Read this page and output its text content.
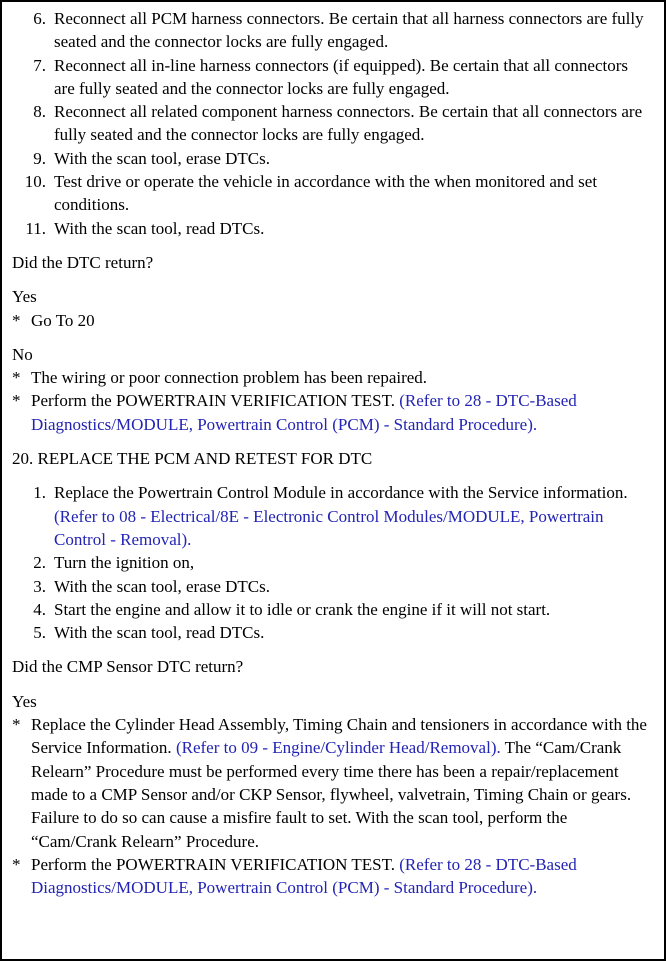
6. Reconnect all PCM harness connectors. Be certain that all harness connectors are fully seated and the connector locks are fully engaged.
7. Reconnect all in-line harness connectors (if equipped). Be certain that all connectors are fully seated and the connector locks are fully engaged.
8. Reconnect all related component harness connectors. Be certain that all connectors are fully seated and the connector locks are fully engaged.
9. With the scan tool, erase DTCs.
10. Test drive or operate the vehicle in accordance with the when monitored and set conditions.
11. With the scan tool, read DTCs.
Did the DTC return?
Yes
* Go To 20
No
* The wiring or poor connection problem has been repaired.
* Perform the POWERTRAIN VERIFICATION TEST. (Refer to 28 - DTC-Based Diagnostics/MODULE, Powertrain Control (PCM) - Standard Procedure).
20. REPLACE THE PCM AND RETEST FOR DTC
1. Replace the Powertrain Control Module in accordance with the Service information. (Refer to 08 - Electrical/8E - Electronic Control Modules/MODULE, Powertrain Control - Removal).
2. Turn the ignition on,
3. With the scan tool, erase DTCs.
4. Start the engine and allow it to idle or crank the engine if it will not start.
5. With the scan tool, read DTCs.
Did the CMP Sensor DTC return?
Yes
* Replace the Cylinder Head Assembly, Timing Chain and tensioners in accordance with the Service Information. (Refer to 09 - Engine/Cylinder Head/Removal). The “Cam/Crank Relearn” Procedure must be performed every time there has been a repair/replacement made to a CMP Sensor and/or CKP Sensor, flywheel, valvetrain, Timing Chain or gears. Failure to do so can cause a misfire fault to set. With the scan tool, perform the “Cam/Crank Relearn” Procedure.
* Perform the POWERTRAIN VERIFICATION TEST. (Refer to 28 - DTC-Based Diagnostics/MODULE, Powertrain Control (PCM) - Standard Procedure).
